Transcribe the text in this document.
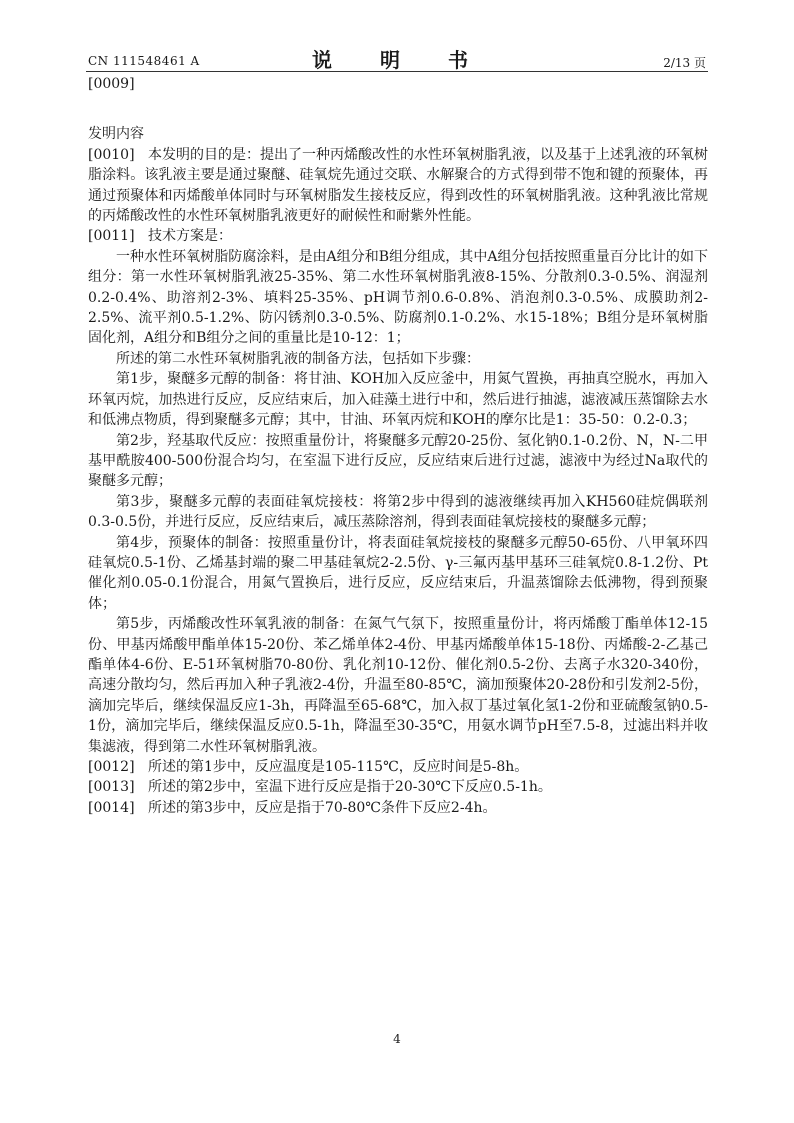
CN 111548461 A	说　明　书	2/13 页

[0009]

发明内容

[0010] 本发明的目的是：提出了一种丙烯酸改性的水性环氧树脂乳液，以及基于上述乳液的环氧树脂涂料。该乳液主要是通过聚醚、硅氧烷先通过交联、水解聚合的方式得到带不饱和键的预聚体，再通过预聚体和丙烯酸单体同时与环氧树脂发生接枝反应，得到改性的环氧树脂乳液。这种乳液比常规的丙烯酸改性的水性环氧树脂乳液更好的耐候性和耐紫外性能。

[0011] 技术方案是：

一种水性环氧树脂防腐涂料，是由A组分和B组分组成，其中A组分包括按照重量百分比计的如下组分：第一水性环氧树脂乳液25-35%、第二水性环氧树脂乳液8-15%、分散剂0.3-0.5%、润湿剂0.2-0.4%、助溶剂2-3%、填料25-35%、pH调节剂0.6-0.8%、消泡剂0.3-0.5%、成膜助剂2-2.5%、流平剂0.5-1.2%、防闪锈剂0.3-0.5%、防腐剂0.1-0.2%、水15-18%；B组分是环氧树脂固化剂，A组分和B组分之间的重量比是10-12：1；

所述的第二水性环氧树脂乳液的制备方法，包括如下步骤：

第1步，聚醚多元醇的制备：将甘油、KOH加入反应釜中，用氮气置换，再抽真空脱水，再加入环氧丙烷，加热进行反应，反应结束后，加入硅藻土进行中和，然后进行抽滤，滤液减压蒸馏除去水和低沸点物质，得到聚醚多元醇；其中，甘油、环氧丙烷和KOH的摩尔比是1：35-50：0.2-0.3；

第2步，羟基取代反应：按照重量份计，将聚醚多元醇20-25份、氢化钠0.1-0.2份、N，N-二甲基甲酰胺400-500份混合均匀，在室温下进行反应，反应结束后进行过滤，滤液中为经过Na取代的聚醚多元醇；

第3步，聚醚多元醇的表面硅氧烷接枝：将第2步中得到的滤液继续再加入KH560硅烷偶联剂0.3-0.5份，并进行反应，反应结束后，减压蒸除溶剂，得到表面硅氧烷接枝的聚醚多元醇；

第4步，预聚体的制备：按照重量份计，将表面硅氧烷接枝的聚醚多元醇50-65份、八甲氧环四硅氧烷0.5-1份、乙烯基封端的聚二甲基硅氧烷2-2.5份、γ-三氟丙基甲基环三硅氧烷0.8-1.2份、Pt催化剂0.05-0.1份混合，用氮气置换后，进行反应，反应结束后，升温蒸馏除去低沸物，得到预聚体；

第5步，丙烯酸改性环氧乳液的制备：在氮气气氛下，按照重量份计，将丙烯酸丁酯单体12-15份、甲基丙烯酸甲酯单体15-20份、苯乙烯单体2-4份、甲基丙烯酸单体15-18份、丙烯酸-2-乙基己酯单体4-6份、E-51环氧树脂70-80份、乳化剂10-12份、催化剂0.5-2份、去离子水320-340份，高速分散均匀，然后再加入种子乳液2-4份，升温至80-85℃，滴加预聚体20-28份和引发剂2-5份，滴加完毕后，继续保温反应1-3h，再降温至65-68℃，加入叔丁基过氧化氢1-2份和亚硫酸氢钠0.5-1份，滴加完毕后，继续保温反应0.5-1h，降温至30-35℃，用氨水调节pH至7.5-8，过滤出料并收集滤液，得到第二水性环氧树脂乳液。

[0012] 所述的第1步中，反应温度是105-115℃，反应时间是5-8h。

[0013] 所述的第2步中，室温下进行反应是指于20-30℃下反应0.5-1h。

[0014] 所述的第3步中，反应是指于70-80℃条件下反应2-4h。

4
